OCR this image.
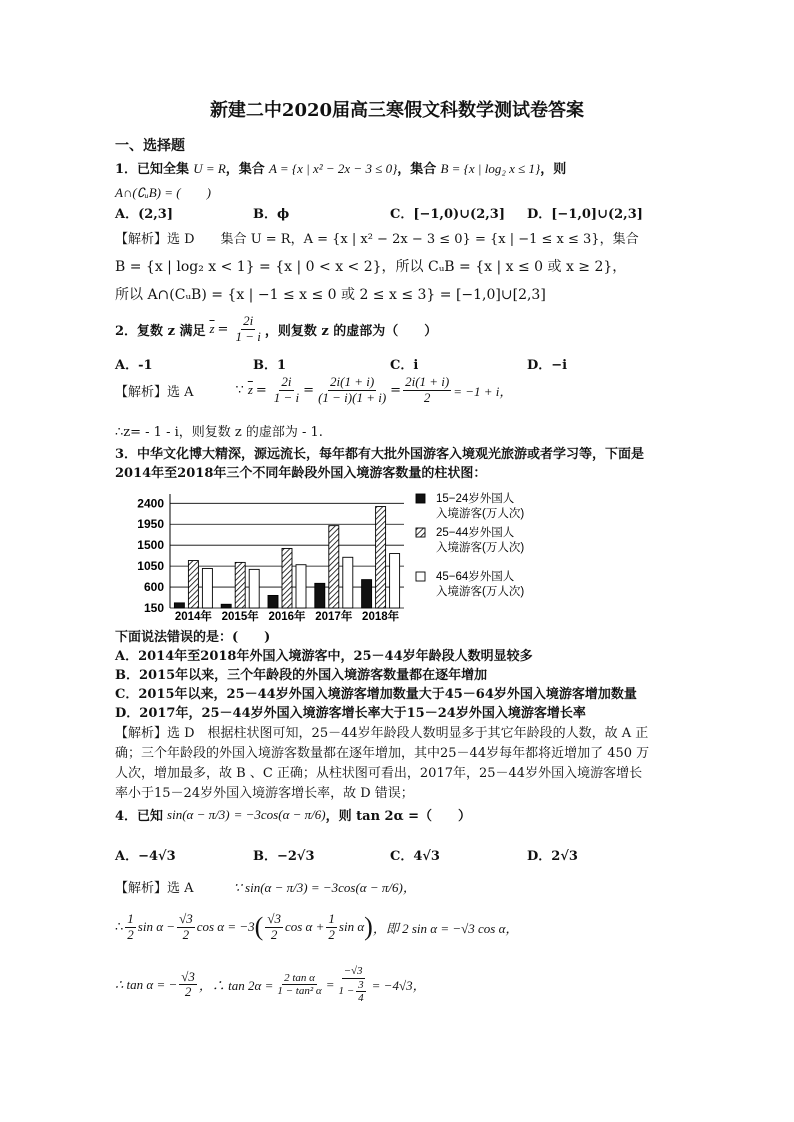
新建二中2020届高三寒假文科数学测试卷答案
一、选择题
1．已知全集 U = R，集合 A = {x | x² − 2x − 3 ≤ 0}，集合 B = {x | log₂ x ≤ 1}，则
A∩(∁ᵤB) = (　　)
A．(2,3]	B．ϕ	C．[−1,0)∪(2,3] D．[−1,0]∪(2,3]
【解析】选 D　　集合 U = R，A = {x | x² − 2x − 3 ≤ 0} = {x | −1 ≤ x ≤ 3}，集合
B = {x | log₂ x < 1} = {x | 0 < x < 2}，所以 CᵤB = {x | x ≤ 0 或 x ≥ 2}，
所以 A∩(CᵤB) = {x | −1 ≤ x ≤ 0 或 2 ≤ x ≤ 3} = [−1,0]∪[2,3]
2．复数 z 满足 $\overline{z} = \frac{2i}{1 - i}$ ，则复数 z 的虚部为（　　）
A．-1	B．1	C．i	D．−i
【解析】选 A	∵ $\overline{z} = \frac{2i}{1 - i} = \frac{2i(1 + i)}{(1 - i)(1 + i)} = \frac{2i(1 + i)}{2} = -1 + i$，
∴z= - 1 - i，则复数 z 的虚部为 - 1.
3．中华文化博大精深，源远流长，每年都有大批外国游客入境观光旅游或者学习等，下面是
2014年至2018年三个不同年龄段外国入境游客数量的柱状图：
150
600
1050
1500
1950
2400
2014年 2015年 2016年 2017年 2018年
15−24岁外国人
入境游客(万人次)
25−44岁外国人
入境游客(万人次)
45−64岁外国人
入境游客(万人次)
下面说法错误的是：(　　)
A．2014年至2018年外国入境游客中，25－44岁年龄段人数明显较多
B．2015年以来，三个年龄段的外国入境游客数量都在逐年增加
C．2015年以来，25－44岁外国入境游客增加数量大于45－64岁外国入境游客增加数量
D．2017年，25－44岁外国入境游客增长率大于15－24岁外国入境游客增长率
【解析】选 D　根据柱状图可知，25－44岁年龄段人数明显多于其它年龄段的人数，故 A 正
确；三个年龄段的外国入境游客数量都在逐年增加，其中25－44岁每年都将近增加了 450 万
人次，增加最多，故 B 、C 正确；从柱状图可看出，2017年，25－44岁外国入境游客增长
率小于15－24岁外国入境游客增长率，故 D 错误；
4．已知 sin(α − π/3) = −3cos(α − π/6) ，则 tan 2α =（　　）
A．−4√3	B．−2√3	C．4√3	D．2√3
【解析】选 A	∵ sin(α − π/3) = −3cos(α − π/6)，
∴ $\frac{1}{2}$ $\sin \alpha - \frac{√3}{2}$ cos α = −3 ( $\frac{√3}{2}$ $\cos \alpha + \frac{1}{2}$ sin α ) ，即 2 sin α = −√3 cos α，
∴ tan α = − $\frac{√3}{2}$ ，∴ $\tan 2\alpha = \frac{\text{2 tan α}}{\text{1 − tan² α}} = \frac{-√3}{1 - \frac{3}{4}} = -4√3$，
